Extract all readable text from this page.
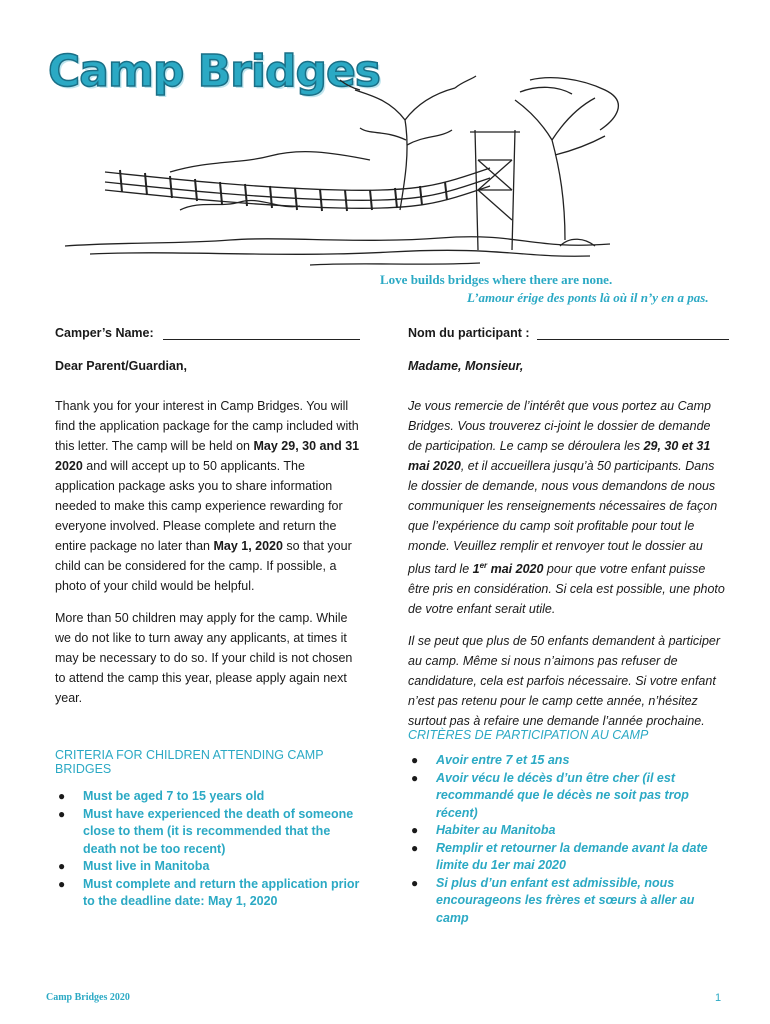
Camp Bridges
Love builds bridges where there are none.
L’amour érige des ponts là où il n’y en a pas.
Camper’s Name:	Nom du participant :

Dear Parent/Guardian,

Thank you for your interest in Camp Bridges. You will find the application package for the camp included with this letter. The camp will be held on May 29, 30 and 31 2020 and will accept up to 50 applicants. The application package asks you to share information needed to make this camp experience rewarding for everyone involved. Please complete and return the entire package no later than May 1, 2020 so that your child can be considered for the camp. If possible, a photo of your child would be helpful.

More than 50 children may apply for the camp. While we do not like to turn away any applicants, at times it may be necessary to do so. If your child is not chosen to attend the camp this year, please apply again next year.

Madame, Monsieur,

Je vous remercie de l’intérêt que vous portez au Camp Bridges. Vous trouverez ci-joint le dossier de demande de participation. Le camp se déroulera les 29, 30 et 31 mai 2020, et il accueillera jusqu’à 50 participants. Dans le dossier de demande, nous vous demandons de nous communiquer les renseignements nécessaires de façon que l’expérience du camp soit profitable pour tout le monde. Veuillez remplir et renvoyer tout le dossier au plus tard le 1er mai 2020 pour que votre enfant puisse être pris en considération. Si cela est possible, une photo de votre enfant serait utile.

Il se peut que plus de 50 enfants demandent à participer au camp. Même si nous n’aimons pas refuser de candidature, cela est parfois nécessaire. Si votre enfant n’est pas retenu pour le camp cette année, n’hésitez surtout pas à refaire une demande l’année prochaine.

CRITERIA FOR CHILDREN ATTENDING CAMP BRIDGES
● Must be aged 7 to 15 years old
● Must have experienced the death of someone close to them (it is recommended that the death not be too recent)
● Must live in Manitoba
● Must complete and return the application prior to the deadline date: May 1, 2020
CRITÈRES DE PARTICIPATION AU CAMP
● Avoir entre 7 et 15 ans
● Avoir vécu le décès d’un être cher (il est recommandé que le décès ne soit pas trop récent)
● Habiter au Manitoba
● Remplir et retourner la demande avant la date limite du 1er mai 2020
● Si plus d’un enfant est admissible, nous encourageons les frères et sœurs à aller au camp
Camp Bridges 2020	1
